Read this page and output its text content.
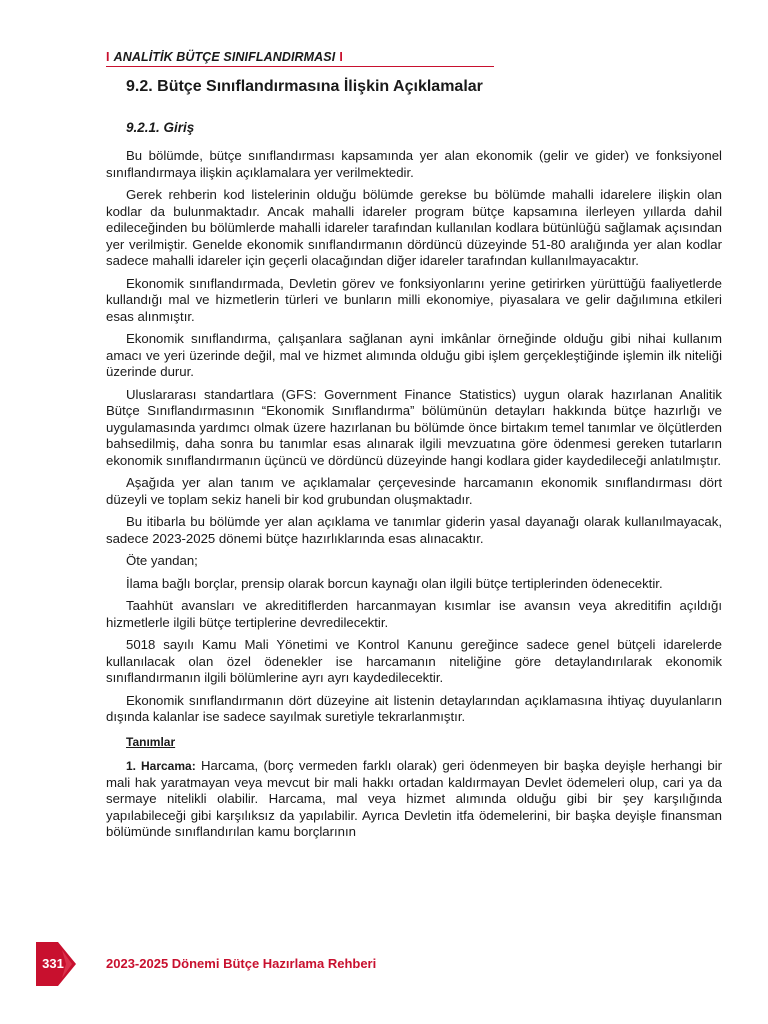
I ANALİTİK BÜTÇE SINIFLANDIRMASI I
9.2. Bütçe Sınıflandırmasına İlişkin Açıklamalar
9.2.1. Giriş

Bu bölümde, bütçe sınıflandırması kapsamında yer alan ekonomik (gelir ve gider) ve fonksiyonel sınıflandırmaya ilişkin açıklamalara yer verilmektedir.

Gerek rehberin kod listelerinin olduğu bölümde gerekse bu bölümde mahalli idarelere ilişkin olan kodlar da bulunmaktadır. Ancak mahalli idareler program bütçe kapsamına ilerleyen yıllarda dahil edileceğinden bu bölümlerde mahalli idareler tarafından kullanılan kodlara bütünlüğü sağlamak açısından yer verilmiştir. Genelde ekonomik sınıflandırmanın dördüncü düzeyinde 51-80 aralığında yer alan kodlar sadece mahalli idareler için geçerli olacağından diğer idareler tarafından kullanılmayacaktır.

Ekonomik sınıflandırmada, Devletin görev ve fonksiyonlarını yerine getirirken yürüttüğü faaliyetlerde kullandığı mal ve hizmetlerin türleri ve bunların milli ekonomiye, piyasalara ve gelir dağılımına etkileri esas alınmıştır.

Ekonomik sınıflandırma, çalışanlara sağlanan ayni imkânlar örneğinde olduğu gibi nihai kullanım amacı ve yeri üzerinde değil, mal ve hizmet alımında olduğu gibi işlem gerçekleştiğinde işlemin ilk niteliği üzerinde durur.

Uluslararası standartlara (GFS: Government Finance Statistics) uygun olarak hazırlanan Analitik Bütçe Sınıflandırmasının “Ekonomik Sınıflandırma” bölümünün detayları hakkında bütçe hazırlığı ve uygulamasında yardımcı olmak üzere hazırlanan bu bölümde önce birtakım temel tanımlar ve ölçütlerden bahsedilmiş, daha sonra bu tanımlar esas alınarak ilgili mevzuatına göre ödenmesi gereken tutarların ekonomik sınıflandırmanın üçüncü ve dördüncü düzeyinde hangi kodlara gider kaydedileceği anlatılmıştır.

Aşağıda yer alan tanım ve açıklamalar çerçevesinde harcamanın ekonomik sınıflandırması dört düzeyli ve toplam sekiz haneli bir kod grubundan oluşmaktadır.

Bu itibarla bu bölümde yer alan açıklama ve tanımlar giderin yasal dayanağı olarak kullanılmayacak, sadece 2023-2025 dönemi bütçe hazırlıklarında esas alınacaktır.

Öte yandan;

İlama bağlı borçlar, prensip olarak borcun kaynağı olan ilgili bütçe tertiplerinden ödenecektir.

Taahhüt avansları ve akreditiflerden harcanmayan kısımlar ise avansın veya akreditifin açıldığı hizmetlerle ilgili bütçe tertiplerine devredilecektir.

5018 sayılı Kamu Mali Yönetimi ve Kontrol Kanunu gereğince sadece genel bütçeli idarelerde kullanılacak olan özel ödenekler ise harcamanın niteliğine göre detaylandırılarak ekonomik sınıflandırmanın ilgili bölümlerine ayrı ayrı kaydedilecektir.

Ekonomik sınıflandırmanın dört düzeyine ait listenin detaylarından açıklamasına ihtiyaç duyulanların dışında kalanlar ise sadece sayılmak suretiyle tekrarlanmıştır.

Tanımlar

1. Harcama: Harcama, (borç vermeden farklı olarak) geri ödenmeyen bir başka deyişle herhangi bir mali hak yaratmayan veya mevcut bir mali hakkı ortadan kaldırmayan Devlet ödemeleri olup, cari ya da sermaye nitelikli olabilir. Harcama, mal veya hizmet alımında olduğu gibi bir şey karşılığında yapılabileceği gibi karşılıksız da yapılabilir. Ayrıca Devletin itfa ödemelerini, bir başka deyişle finansman bölümünde sınıflandırılan kamu borçlarının

331	2023-2025 Dönemi Bütçe Hazırlama Rehberi
